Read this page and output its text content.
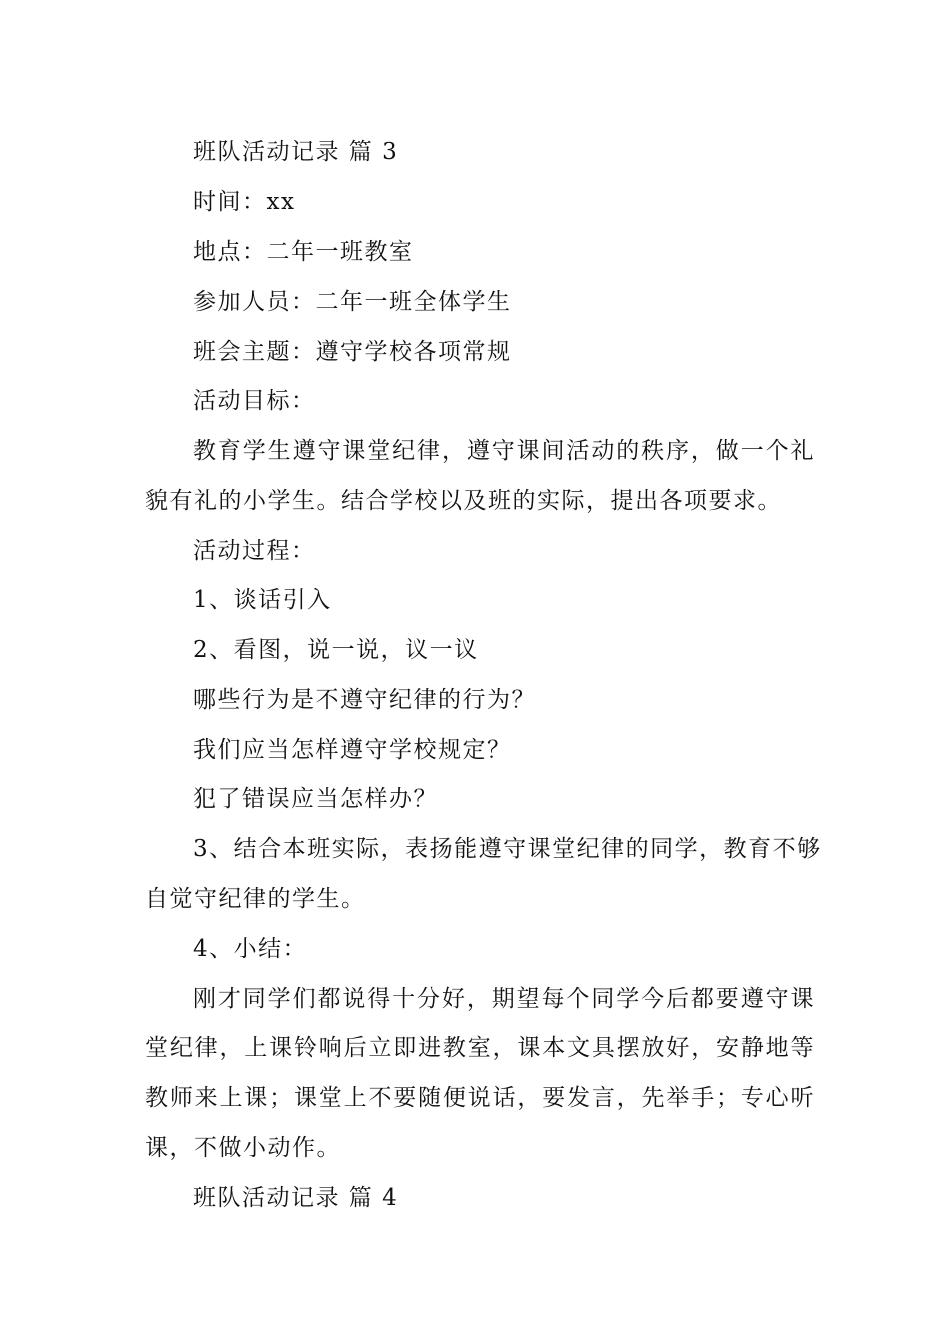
班队活动记录 篇 3
时间：xx
地点：二年一班教室
参加人员：二年一班全体学生
班会主题：遵守学校各项常规
活动目标：
教育学生遵守课堂纪律，遵守课间活动的秩序，做一个礼
貌有礼的小学生。结合学校以及班的实际，提出各项要求。
活动过程：
1、谈话引入
2、看图，说一说，议一议
哪些行为是不遵守纪律的行为？
我们应当怎样遵守学校规定？
犯了错误应当怎样办？
3、结合本班实际，表扬能遵守课堂纪律的同学，教育不够
自觉守纪律的学生。
4、小结：
刚才同学们都说得十分好，期望每个同学今后都要遵守课
堂纪律，上课铃响后立即进教室，课本文具摆放好，安静地等
教师来上课；课堂上不要随便说话，要发言，先举手；专心听
课，不做小动作。
班队活动记录 篇 4
